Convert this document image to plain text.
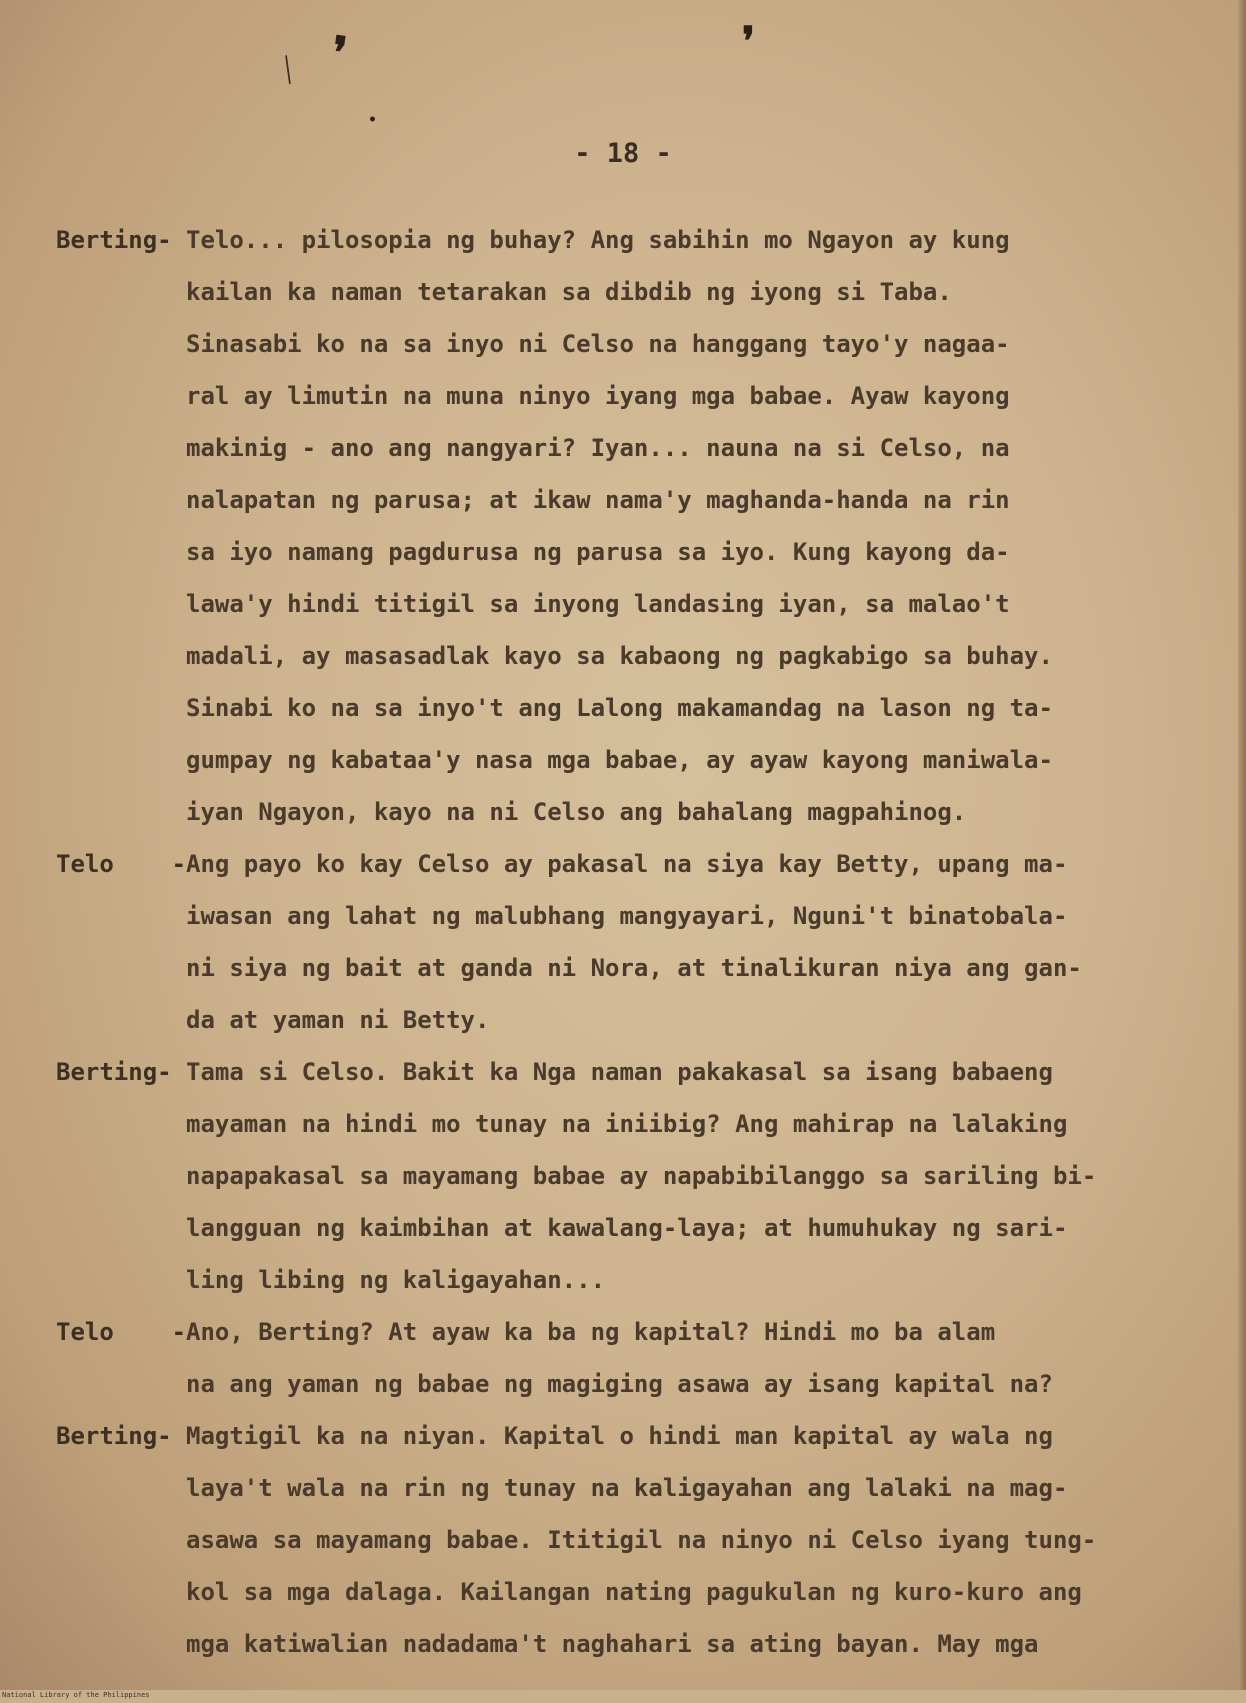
❜	❜
╱
•
- 18 -
Berting- Telo... pilosopia ng buhay? Ang sabihin mo Ngayon ay kung
kailan ka naman tetarakan sa dibdib ng iyong si Taba.
Sinasabi ko na sa inyo ni Celso na hanggang tayo'y nagaa-
ral ay limutin na muna ninyo iyang mga babae. Ayaw kayong
makinig - ano ang nangyari? Iyan... nauna na si Celso, na
nalapatan ng parusa; at ikaw nama'y maghanda-handa na rin
sa iyo namang pagdurusa ng parusa sa iyo. Kung kayong da-
lawa'y hindi titigil sa inyong landasing iyan, sa malao't
madali, ay masasadlak kayo sa kabaong ng pagkabigo sa buhay.
Sinabi ko na sa inyo't ang Lalong makamandag na lason ng ta-
gumpay ng kabataa'y nasa mga babae, ay ayaw kayong maniwala-
iyan Ngayon, kayo na ni Celso ang bahalang magpahinog.
Telo    -
Ang payo ko kay Celso ay pakasal na siya kay Betty, upang ma-
iwasan ang lahat ng malubhang mangyayari, Nguni't binatobala-
ni siya ng bait at ganda ni Nora, at tinalikuran niya ang gan-
da at yaman ni Betty.
Berting- Tama si Celso. Bakit ka Nga naman pakakasal sa isang babaeng
mayaman na hindi mo tunay na iniibig? Ang mahirap na lalaking
napapakasal sa mayamang babae ay napabibilanggo sa sariling bi-
langguan ng kaimbihan at kawalang-laya; at humuhukay ng sari-
ling libing ng kaligayahan...
Telo    -
Ano, Berting? At ayaw ka ba ng kapital? Hindi mo ba alam
na ang yaman ng babae ng magiging asawa ay isang kapital na?
Berting- Magtigil ka na niyan. Kapital o hindi man kapital ay wala ng
laya't wala na rin ng tunay na kaligayahan ang lalaki na mag-
asawa sa mayamang babae. Ititigil na ninyo ni Celso iyang tung-
kol sa mga dalaga. Kailangan nating pagukulan ng kuro-kuro ang
mga katiwalian nadadama't naghahari sa ating bayan. May mga
National Library of the Philippines
